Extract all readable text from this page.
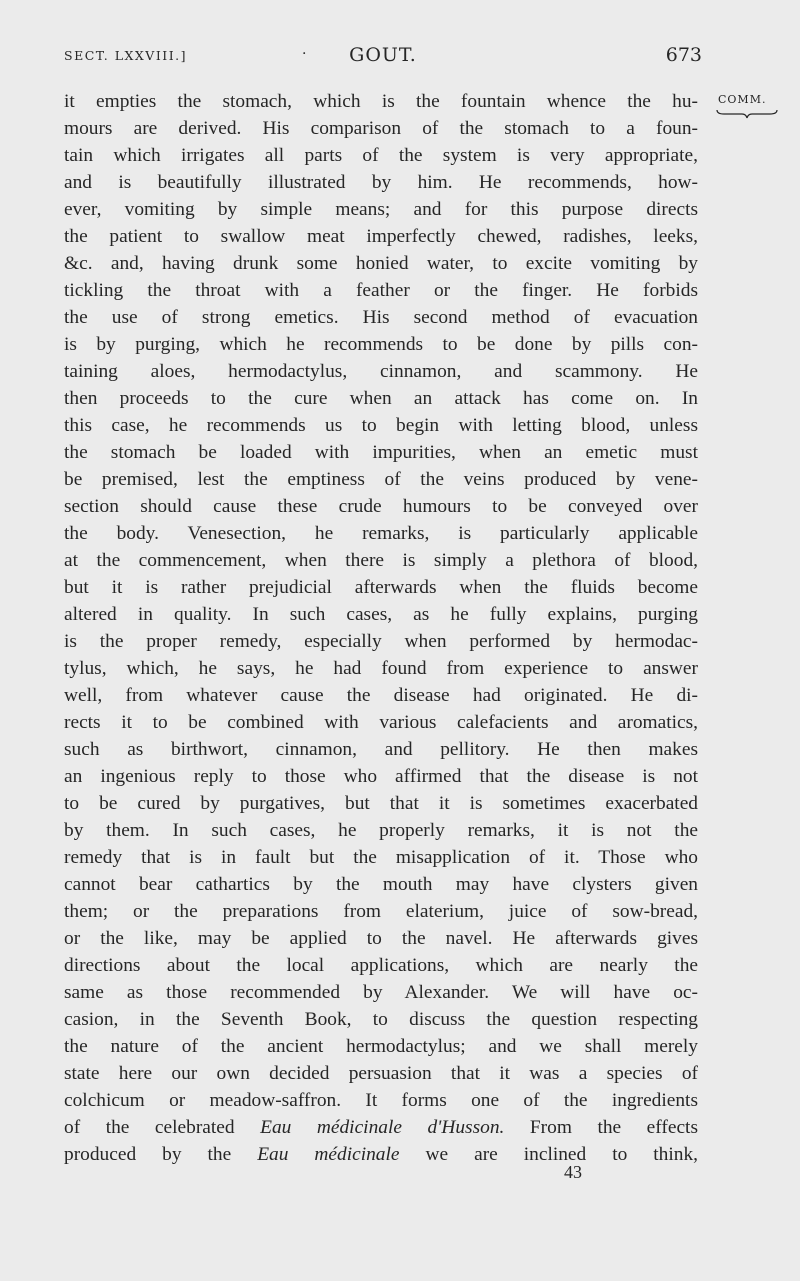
SECT. LXXVIII.]	·	GOUT.	673
COMM.
it empties the stomach, which is the fountain whence the hu-
mours are derived. His comparison of the stomach to a foun-
tain which irrigates all parts of the system is very appropriate,
and is beautifully illustrated by him. He recommends, how-
ever, vomiting by simple means; and for this purpose directs
the patient to swallow meat imperfectly chewed, radishes, leeks,
&c. and, having drunk some honied water, to excite vomiting by
tickling the throat with a feather or the finger. He forbids
the use of strong emetics. His second method of evacuation
is by purging, which he recommends to be done by pills con-
taining aloes, hermodactylus, cinnamon, and scammony. He
then proceeds to the cure when an attack has come on. In
this case, he recommends us to begin with letting blood, unless
the stomach be loaded with impurities, when an emetic must
be premised, lest the emptiness of the veins produced by vene-
section should cause these crude humours to be conveyed over
the body. Venesection, he remarks, is particularly applicable
at the commencement, when there is simply a plethora of blood,
but it is rather prejudicial afterwards when the fluids become
altered in quality. In such cases, as he fully explains, purging
is the proper remedy, especially when performed by hermodac-
tylus, which, he says, he had found from experience to answer
well, from whatever cause the disease had originated. He di-
rects it to be combined with various calefacients and aromatics,
such as birthwort, cinnamon, and pellitory. He then makes
an ingenious reply to those who affirmed that the disease is not
to be cured by purgatives, but that it is sometimes exacerbated
by them. In such cases, he properly remarks, it is not the
remedy that is in fault but the misapplication of it. Those who
cannot bear cathartics by the mouth may have clysters given
them; or the preparations from elaterium, juice of sow-bread,
or the like, may be applied to the navel. He afterwards gives
directions about the local applications, which are nearly the
same as those recommended by Alexander. We will have oc-
casion, in the Seventh Book, to discuss the question respecting
the nature of the ancient hermodactylus; and we shall merely
state here our own decided persuasion that it was a species of
colchicum or meadow-saffron. It forms one of the ingredients
of the celebrated Eau médicinale d'Husson. From the effects
produced by the Eau médicinale we are inclined to think,
43
